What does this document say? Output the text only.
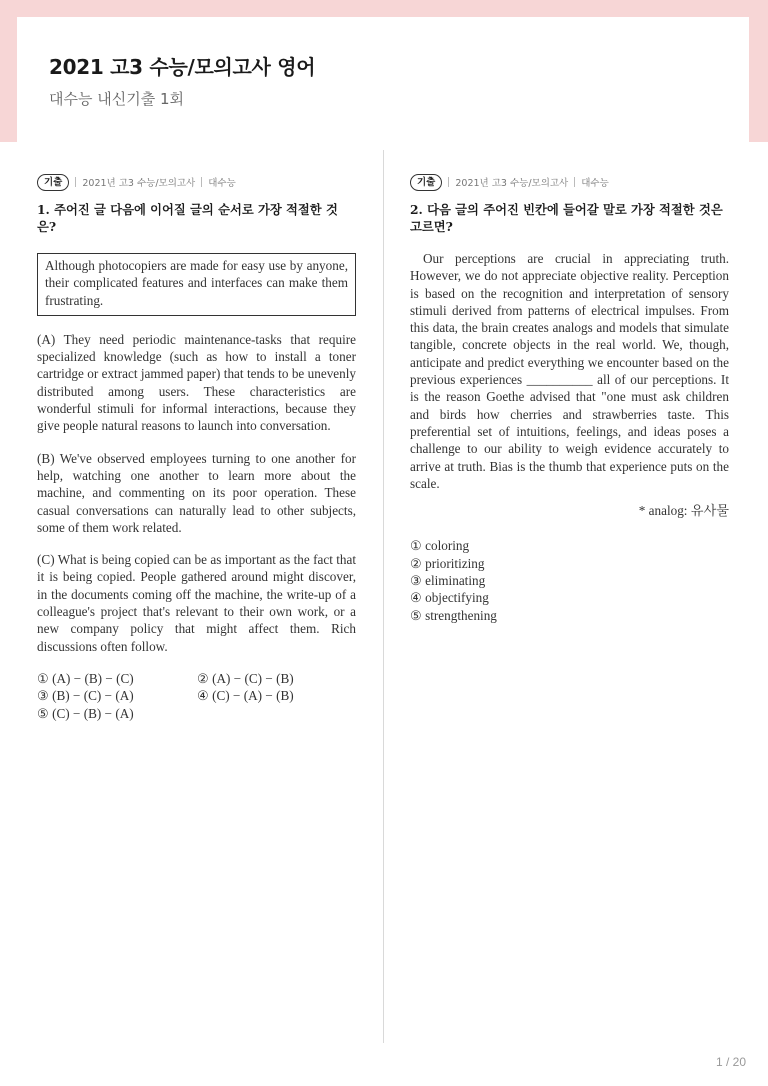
2021 고3 수능/모의고사 영어
대수능 내신기출 1회
기출	2021년 고3 수능/모의고사 대수능
1. 주어진 글 다음에 이어질 글의 순서로 가장 적절한 것은?
Although photocopiers are made for easy use by anyone, their complicated features and interfaces can make them frustrating.
(A) They need periodic maintenance-tasks that require specialized knowledge (such as how to install a toner cartridge or extract jammed paper) that tends to be unevenly distributed among users. These characteristics are wonderful stimuli for informal interactions, because they give people natural reasons to launch into conversation.
(B) We've observed employees turning to one another for help, watching one another to learn more about the machine, and commenting on its poor operation. These casual conversations can naturally lead to other subjects, some of them work related.
(C) What is being copied can be as important as the fact that it is being copied. People gathered around might discover, in the documents coming off the machine, the write-up of a colleague's project that's relevant to their own work, or a new company policy that might affect them. Rich discussions often follow.
① (A) − (B) − (C)	② (A) − (C) − (B)
③ (B) − (C) − (A)	④ (C) − (A) − (B)
⑤ (C) − (B) − (A)
기출	2021년 고3 수능/모의고사 대수능
2. 다음 글의 주어진 빈칸에 들어갈 말로 가장 적절한 것은 고르면?
Our perceptions are crucial in appreciating truth. However, we do not appreciate objective reality. Perception is based on the recognition and interpretation of sensory stimuli derived from patterns of electrical impulses. From this data, the brain creates analogs and models that simulate tangible, concrete objects in the real world. We, though, anticipate and predict everything we encounter based on the previous experiences __________ all of our perceptions. It is the reason Goethe advised that "one must ask children and birds how cherries and strawberries taste. This preferential set of intuitions, feelings, and ideas poses a challenge to our ability to weigh evidence accurately to arrive at truth. Bias is the thumb that experience puts on the scale.
* analog: 유사물
① coloring
② prioritizing
③ eliminating
④ objectifying
⑤ strengthening
1 / 20
